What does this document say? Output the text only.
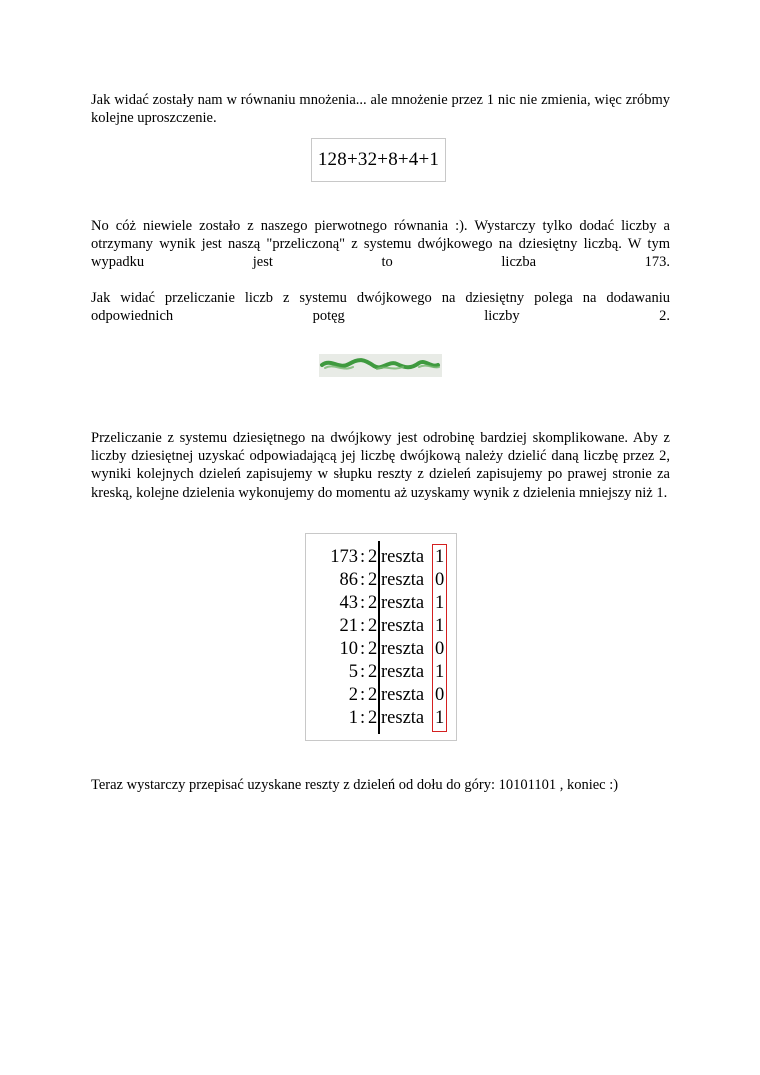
Jak widać zostały nam w równaniu mnożenia... ale mnożenie przez 1 nic nie zmienia, więc zróbmy kolejne uproszczenie.

128+32+8+4+1

No cóż niewiele zostało z naszego pierwotnego równania :). Wystarczy tylko dodać liczby a otrzymany wynik jest naszą "przeliczoną" z systemu dwójkowego na dziesiętny liczbą. W tym wypadku jest to liczba 173.

Jak widać przeliczanie liczb z systemu dwójkowego na dziesiętny polega na dodawaniu odpowiednich potęg liczby 2.

Przeliczanie z systemu dziesiętnego na dwójkowy jest odrobinę bardziej skomplikowane. Aby z liczby dziesiętnej uzyskać odpowiadającą jej liczbę dwójkową należy dzielić daną liczbę przez 2, wyniki kolejnych dzieleń zapisujemy w słupku reszty z dzieleń zapisujemy po prawej stronie za kreską, kolejne dzielenia wykonujemy do momentu aż uzyskamy wynik z dzielenia mniejszy niż 1.

173 : 2 reszta 1
86 : 2 reszta 0
43 : 2 reszta 1
21 : 2 reszta 1
10 : 2 reszta 0
5 : 2 reszta 1
2 : 2 reszta 0
1 : 2 reszta 1

Teraz wystarczy przepisać uzyskane reszty z dzieleń od dołu do góry: 10101101 , koniec :)
